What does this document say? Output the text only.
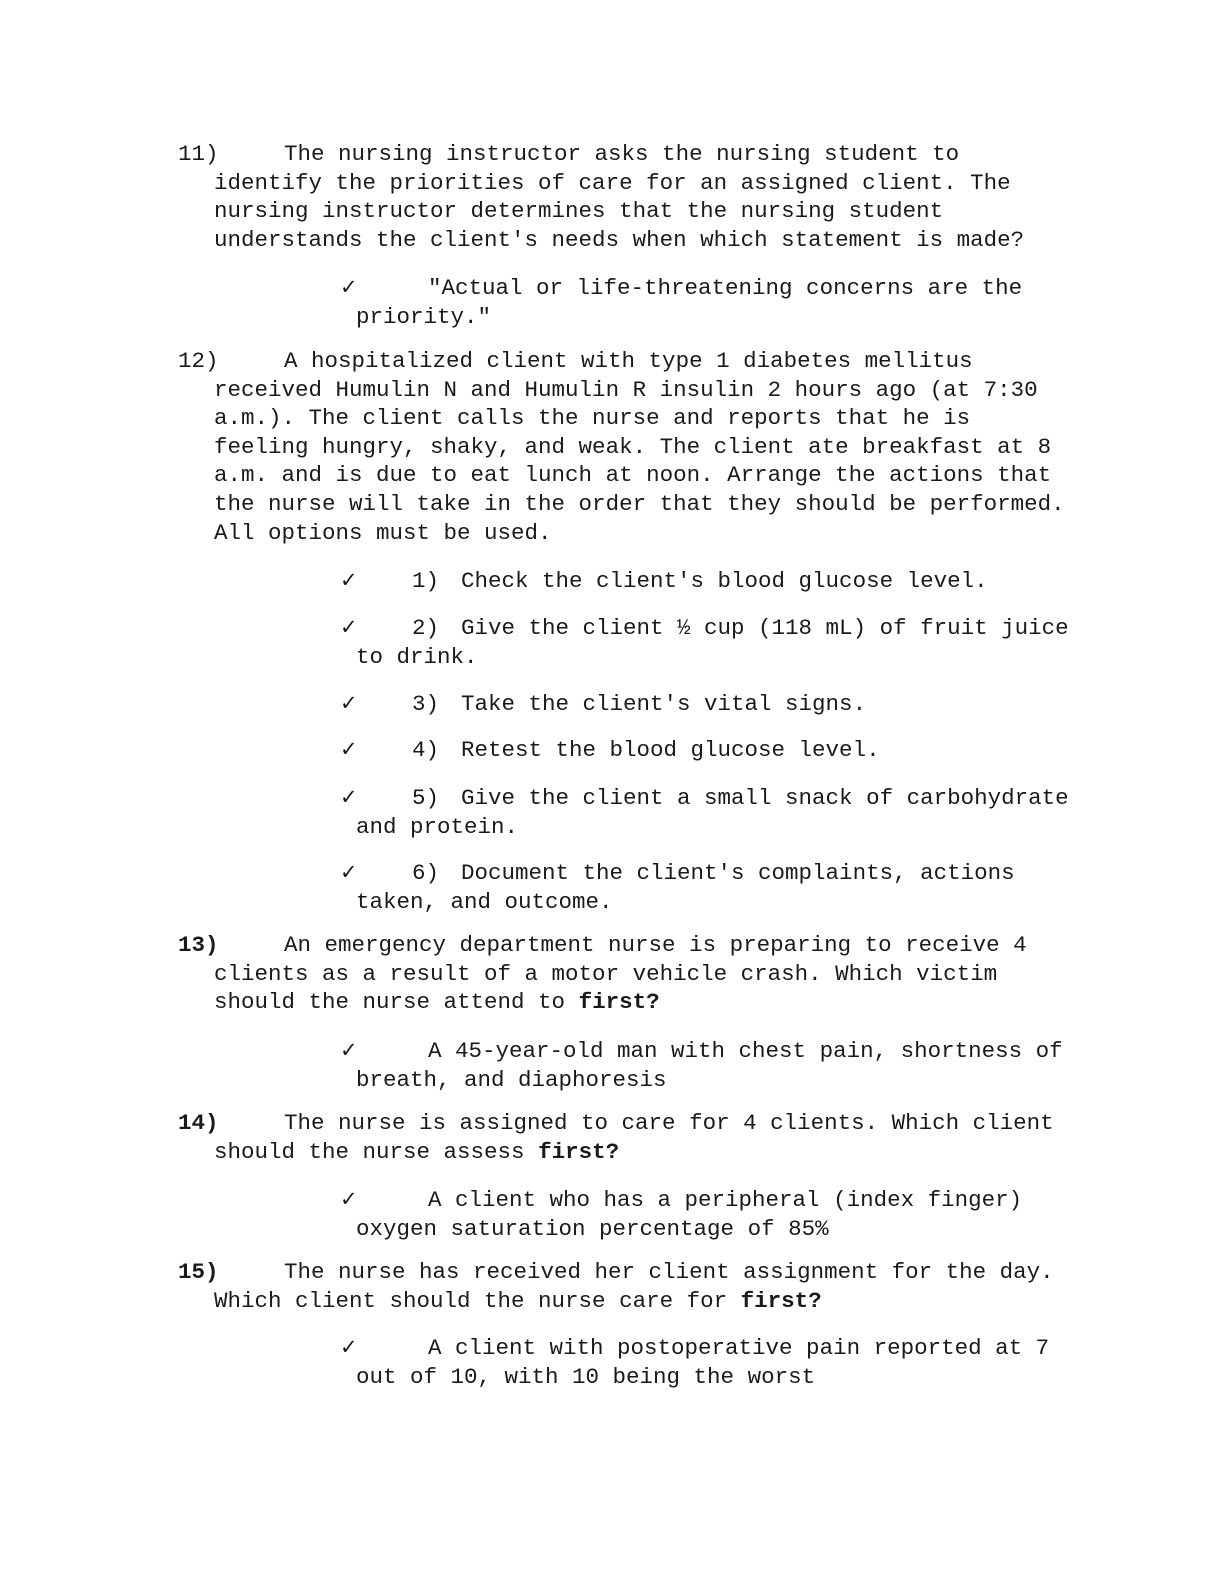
11)	The nursing instructor asks the nursing student to identify the priorities of care for an assigned client. The nursing instructor determines that the nursing student understands the client's needs when which statement is made?
✓	"Actual or life-threatening concerns are the priority."
12)	A hospitalized client with type 1 diabetes mellitus received Humulin N and Humulin R insulin 2 hours ago (at 7:30 a.m.). The client calls the nurse and reports that he is feeling hungry, shaky, and weak. The client ate breakfast at 8 a.m. and is due to eat lunch at noon. Arrange the actions that the nurse will take in the order that they should be performed. All options must be used.
✓ 1) Check the client's blood glucose level.
✓ 2) Give the client ½ cup (118 mL) of fruit juice to drink.
✓ 3) Take the client's vital signs.
✓ 4) Retest the blood glucose level.
✓ 5) Give the client a small snack of carbohydrate and protein.
✓ 6) Document the client's complaints, actions taken, and outcome.
13)	An emergency department nurse is preparing to receive 4 clients as a result of a motor vehicle crash. Which victim should the nurse attend to first?
✓	A 45-year-old man with chest pain, shortness of breath, and diaphoresis
14)	The nurse is assigned to care for 4 clients. Which client should the nurse assess first?
✓	A client who has a peripheral (index finger) oxygen saturation percentage of 85%
15)	The nurse has received her client assignment for the day. Which client should the nurse care for first?
✓	A client with postoperative pain reported at 7 out of 10, with 10 being the worst
